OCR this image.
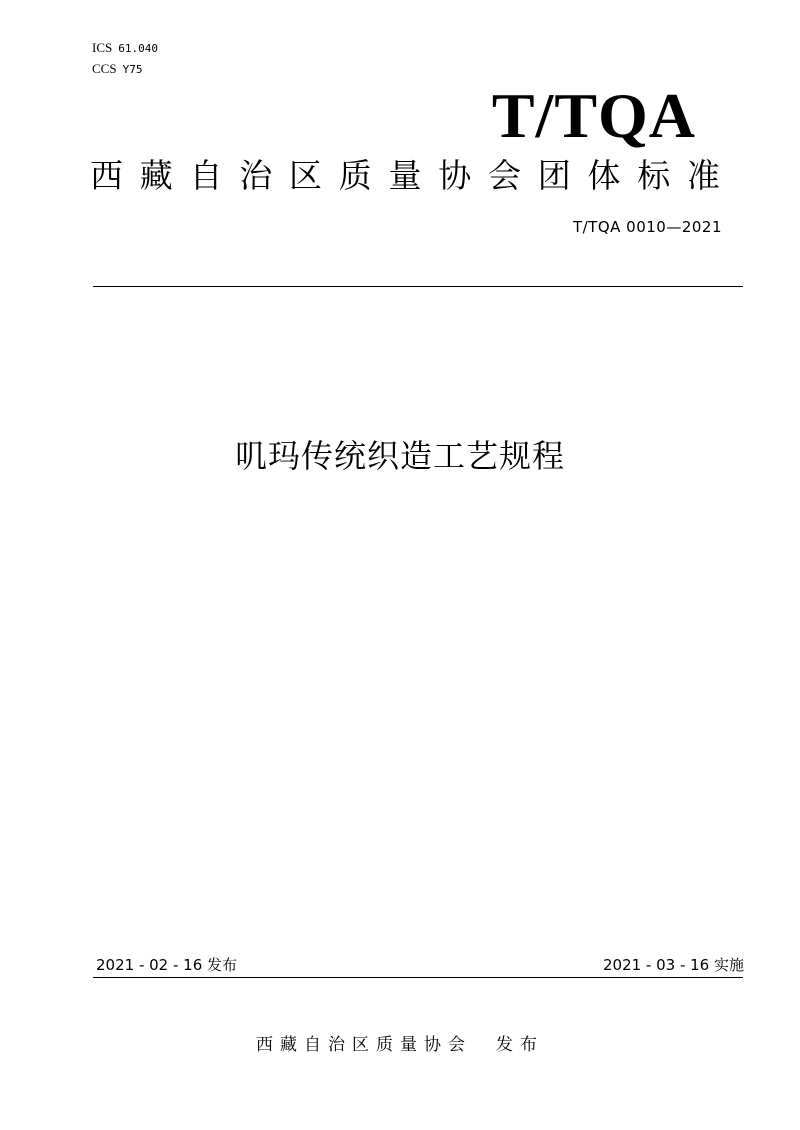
ICS 61.040
CCS Y75
T/TQA
西 藏 自 治 区 质 量 协 会 团 体 标 准
T/TQA 0010—2021
叽玛传统织造工艺规程
2021 - 02 - 16 发布	2021 - 03 - 16 实施
西藏自治区质量协会 发布
